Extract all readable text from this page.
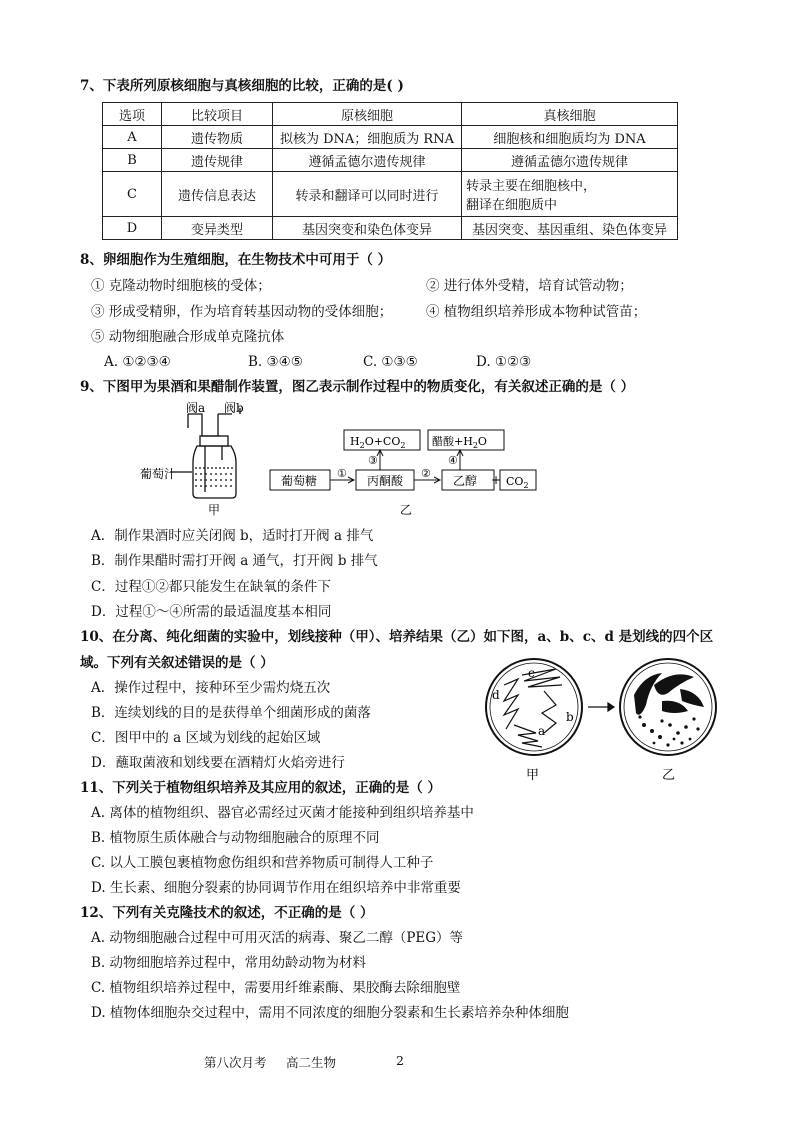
7、下表所列原核细胞与真核细胞的比较，正确的是( )
选项	比较项目	原核细胞	真核细胞
A	遗传物质	拟核为 DNA；细胞质为 RNA	细胞核和细胞质均为 DNA
B	遗传规律	遵循孟德尔遗传规律	遵循孟德尔遗传规律
C	遗传信息表达	转录和翻译可以同时进行	转录主要在细胞核中，
翻译在细胞质中

D	变异类型	基因突变和染色体变异	基因突变、基因重组、染色体变异
8、卵细胞作为生殖细胞，在生物技术中可用于（ ）
① 克隆动物时细胞核的受体；	② 进行体外受精，培育试管动物；
③ 形成受精卵，作为培育转基因动物的受体细胞； ④ 植物组织培养形成本物种试管苗；
⑤ 动物细胞融合形成单克隆抗体
A. ①②③④	B. ③④⑤	C. ①③⑤	D. ①②③
9、下图甲为果酒和果醋制作装置，图乙表示制作过程中的物质变化，有关叙述正确的是（ ）
阀a 阀b
葡萄汁
甲
葡萄糖	丙酮酸	乙醇 + $CO_2$
$H_2O+CO_2$ 醋酸$+H_2O$
①	②
③	④
乙
A．制作果酒时应关闭阀 b，适时打开阀 a 排气
B．制作果醋时需打开阀 a 通气，打开阀 b 排气
C．过程①②都只能发生在缺氧的条件下
D．过程①～④所需的最适温度基本相同
10、在分离、纯化细菌的实验中，划线接种（甲）、培养结果（乙）如下图，a、b、c、d 是划线的四个区
域。下列有关叙述错误的是（ ）
A．操作过程中，接种环至少需灼烧五次
B．连续划线的目的是获得单个细菌形成的菌落
C．图甲中的 a 区域为划线的起始区域
D．蘸取菌液和划线要在酒精灯火焰旁进行
d
c
b
a
甲	乙
11、下列关于植物组织培养及其应用的叙述，正确的是（ ）
A. 离体的植物组织、器官必需经过灭菌才能接种到组织培养基中
B. 植物原生质体融合与动物细胞融合的原理不同
C. 以人工膜包裹植物愈伤组织和营养物质可制得人工种子
D. 生长素、细胞分裂素的协同调节作用在组织培养中非常重要
12、下列有关克隆技术的叙述，不正确的是（ ）
A. 动物细胞融合过程中可用灭活的病毒、聚乙二醇（PEG）等
B. 动物细胞培养过程中，常用幼龄动物为材料
C. 植物组织培养过程中，需要用纤维素酶、果胶酶去除细胞壁
D. 植物体细胞杂交过程中，需用不同浓度的细胞分裂素和生长素培养杂种体细胞
第八次月考 高二生物	2
